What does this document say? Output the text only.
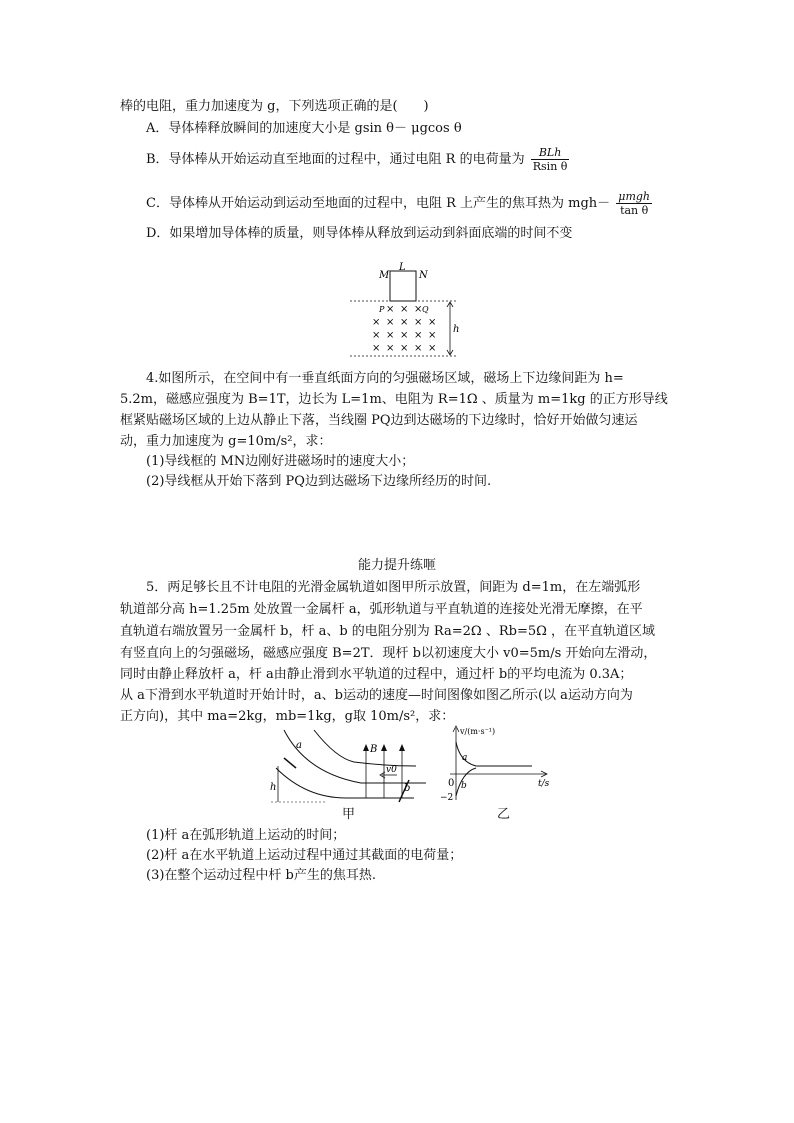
棒的电阻，重力加速度为 g，下列选项正确的是(　　)
A．导体棒释放瞬间的加速度大小是 gsin θ－ μgcos θ
B．导体棒从开始运动直至地面的过程中，通过电阻 R 的电荷量为 $\frac{\text{BLh}}{\text{Rsin θ}}$
C．导体棒从开始运动到运动至地面的过程中，电阻 R 上产生的焦耳热为 $mgh- \frac{\text{μmgh}}{\text{tan θ}}$
D．如果增加导体棒的质量，则导体棒从释放到运动到斜面底端的时间不变
M
L
N
P	Q
× × ×
× × × × ×
× × × × ×
× × × × ×
h
4.如图所示，在空间中有一垂直纸面方向的匀强磁场区域，磁场上下边缘间距为 h=
5.2m，磁感应强度为 B=1T，边长为 L=1m、电阻为 R=1Ω 、质量为 m=1kg 的正方形导线
框紧贴磁场区域的上边从静止下落，当线圈 PQ边到达磁场的下边缘时，恰好开始做匀速运
动，重力加速度为 g=10m/s²，求：
(1)导线框的 MN边刚好进磁场时的速度大小；
(2)导线框从开始下落到 PQ边到达磁场下边缘所经历的时间.
能力提升练咂
5．两足够长且不计电阻的光滑金属轨道如图甲所示放置，间距为 d=1m，在左端弧形
轨道部分高 h=1.25m 处放置一金属杆 a，弧形轨道与平直轨道的连接处光滑无摩擦，在平
直轨道右端放置另一金属杆 b，杆 a、b 的电阻分别为 Ra=2Ω 、Rb=5Ω ，在平直轨道区域
有竖直向上的匀强磁场，磁感应强度 B=2T．现杆 b以初速度大小 v0=5m/s 开始向左滑动，
同时由静止释放杆 a，杆 a由静止滑到水平轨道的过程中，通过杆 b的平均电流为 0.3A；
从 a下滑到水平轨道时开始计时，a、b运动的速度—时间图像如图乙所示(以 a运动方向为
正方向)，其中 ma=2kg，mb=1kg，g取 10m/s²，求：
a
h
B
b
v0
甲
v/(m·s⁻¹)
t/s
0
−2
a
b
乙
(1)杆 a在弧形轨道上运动的时间；
(2)杆 a在水平轨道上运动过程中通过其截面的电荷量；
(3)在整个运动过程中杆 b产生的焦耳热.
